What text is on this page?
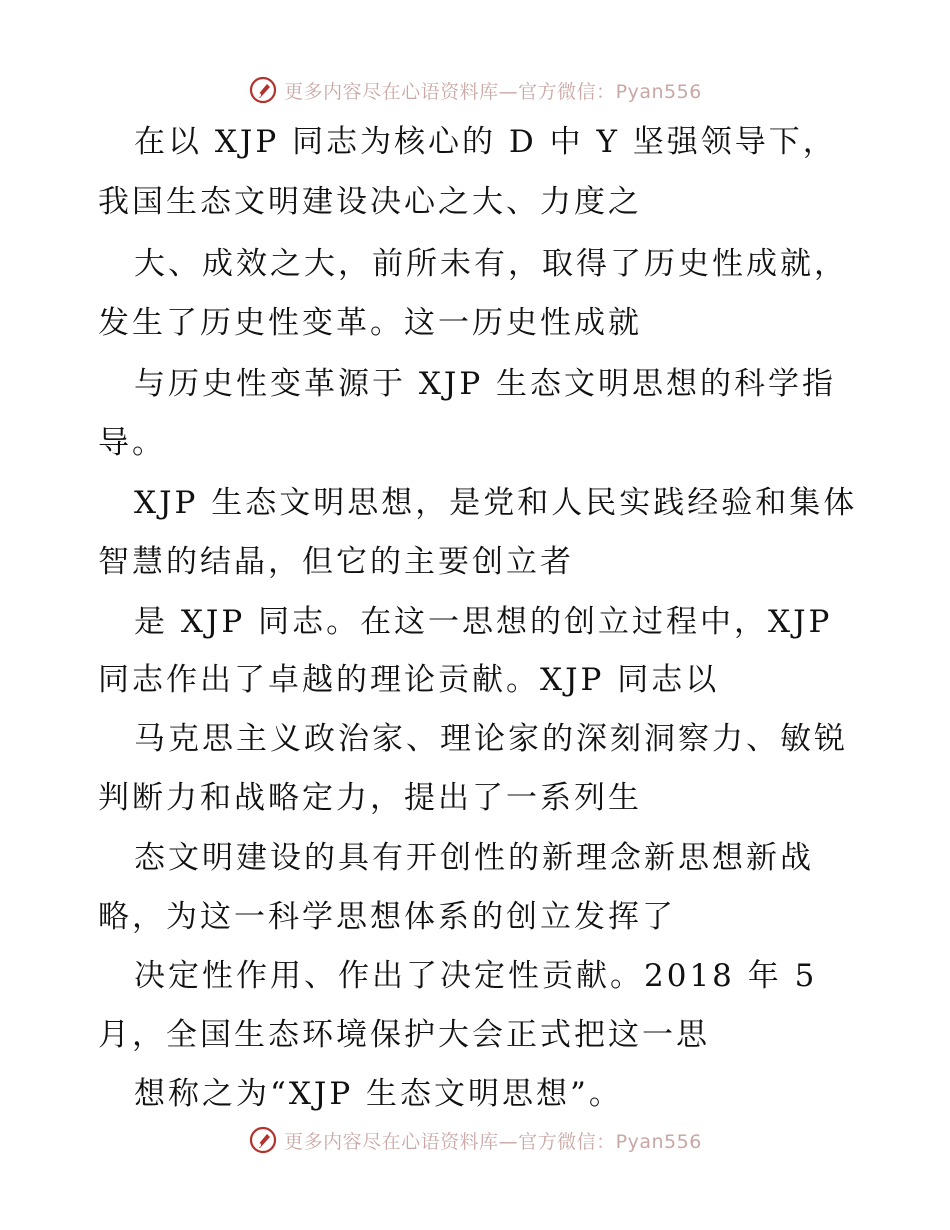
更多内容尽在心语资料库—官方微信：Pyan556
在以 XJP 同志为核心的 D 中 Y 坚强领导下，
我国生态文明建设决心之大、力度之
大、成效之大，前所未有，取得了历史性成就，
发生了历史性变革。这一历史性成就
与历史性变革源于 XJP 生态文明思想的科学指
导。
XJP 生态文明思想，是党和人民实践经验和集体
智慧的结晶，但它的主要创立者
是 XJP 同志。在这一思想的创立过程中，XJP
同志作出了卓越的理论贡献。XJP 同志以
马克思主义政治家、理论家的深刻洞察力、敏锐
判断力和战略定力，提出了一系列生
态文明建设的具有开创性的新理念新思想新战
略，为这一科学思想体系的创立发挥了
决定性作用、作出了决定性贡献。2018 年 5
月，全国生态环境保护大会正式把这一思
想称之为“XJP 生态文明思想”。
更多内容尽在心语资料库—官方微信：Pyan556
